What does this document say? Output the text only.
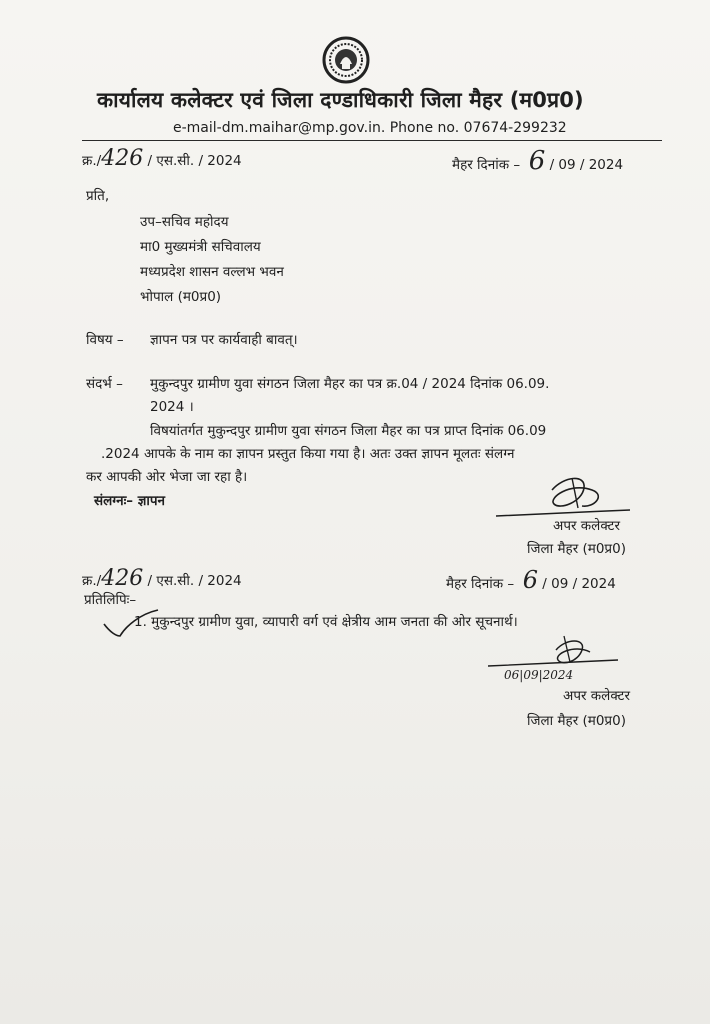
कार्यालय कलेक्टर एवं जिला दण्डाधिकारी जिला मैहर (म0प्र0)
e-mail-dm.maihar@mp.gov.in. Phone no. 07674-299232
क्र./426 / एस.सी. / 2024	मैहर दिनांक – 6 / 09 / 2024
प्रति,
उप–सचिव महोदय
मा0 मुख्यमंत्री सचिवालय
मध्यप्रदेश शासन वल्लभ भवन
भोपाल (म0प्र0)
विषय – ज्ञापन पत्र पर कार्यवाही बावत्।
संदर्भ – मुकुन्दपुर ग्रामीण युवा संगठन जिला मैहर का पत्र क्र.04 / 2024 दिनांक 06.09.
2024 ।
विषयांतर्गत मुकुन्दपुर ग्रामीण युवा संगठन जिला मैहर का पत्र प्राप्त दिनांक 06.09
.2024 आपके के नाम का ज्ञापन प्रस्तुत किया गया है। अतः उक्त ज्ञापन मूलतः संलग्न
कर आपकी ओर भेजा जा रहा है।
संलग्नः– ज्ञापन
अपर कलेक्टर
जिला मैहर (म0प्र0)
क्र./426 / एस.सी. / 2024	मैहर दिनांक – 6 / 09 / 2024
प्रतिलिपिः–
1. मुकुन्दपुर ग्रामीण युवा, व्यापारी वर्ग एवं क्षेत्रीय आम जनता की ओर सूचनार्थ।
06|09|2024
अपर कलेक्टर
जिला मैहर (म0प्र0)
